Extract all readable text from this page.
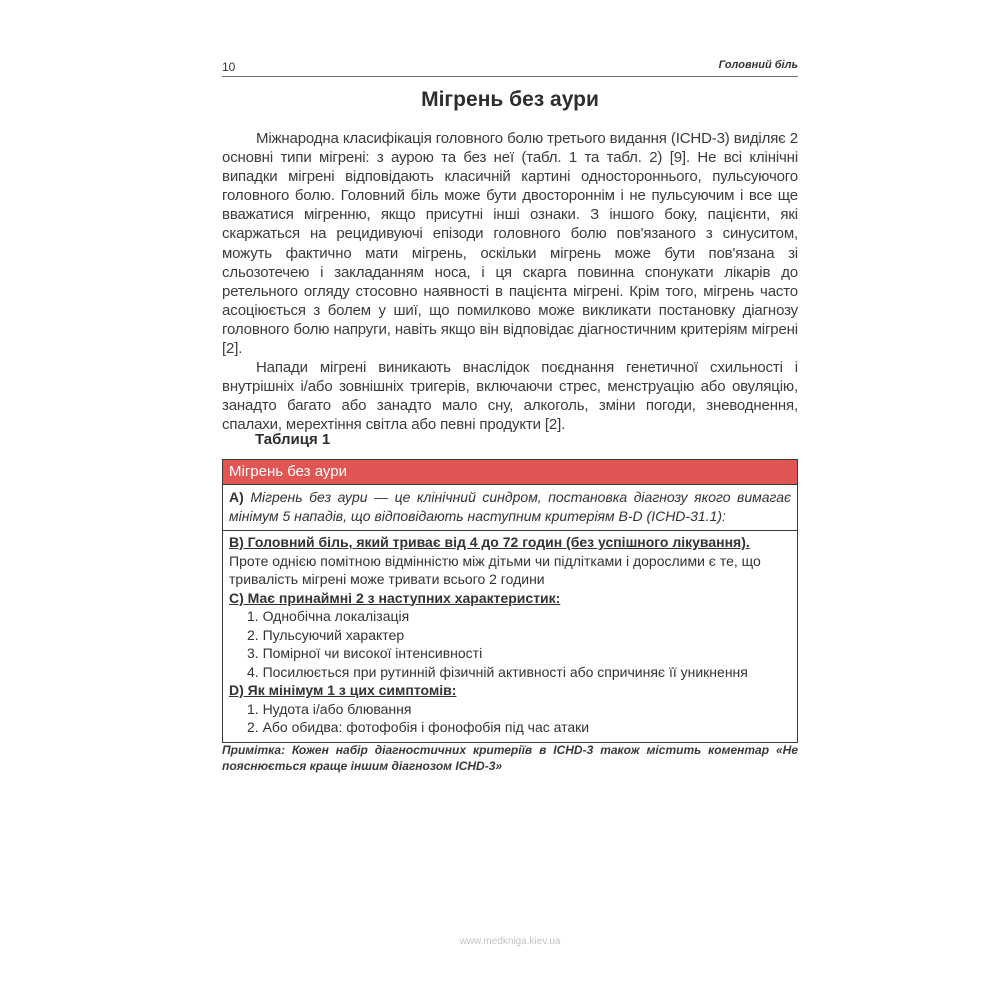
10	Головний біль
Мігрень без аури

Міжнародна класифікація головного болю третього видання (ICHD-3) виділяє 2 основні типи мігрені: з аурою та без неї (табл. 1 та табл. 2) [9]. Не всі клінічні випадки мігрені відповідають класичній картині одностороннього, пульсуючого головного болю. Головний біль може бути двостороннім і не пульсуючим і все ще вважатися мігренню, якщо присутні інші ознаки. З іншого боку, пацієнти, які скаржаться на рецидивуючі епізоди головного болю пов'язаного з синуситом, можуть фактично мати мігрень, оскільки мігрень може бути пов'язана зі сльозотечею і закладанням носа, і ця скарга повинна спонукати лікарів до ретельного огляду стосовно наявності в пацієнта мігрені. Крім того, мігрень часто асоціюється з болем у шиї, що помилково може викликати постановку діагнозу головного болю напруги, навіть якщо він відповідає діагностичним критеріям мігрені [2].

Напади мігрені виникають внаслідок поєднання генетичної схильності і внутрішніх і/або зовнішніх тригерів, включаючи стрес, менструацію або овуляцію, занадто багато або занадто мало сну, алкоголь, зміни погоди, зневоднення, спалахи, мерехтіння світла або певні продукти [2].

Таблиця 1
Мігрень без аури
А) Мігрень без аури — це клінічний синдром, постановка діагнозу якого вимагає мінімум 5 нападів, що відповідають наступним критеріям В-D (ICHD-31.1):
B) Головний біль, який триває від 4 до 72 годин (без успішного лікування).
Проте однією помітною відмінністю між дітьми чи підлітками і дорослими є те, що тривалість мігрені може тривати всього 2 години
C) Має принаймні 2 з наступних характеристик:
1. Однобічна локалізація
2. Пульсуючий характер
3. Помірної чи високої інтенсивності
4. Посилюється при рутинній фізичній активності або спричиняє її уникнення
D) Як мінімум 1 з цих симптомів:
1. Нудота і/або блювання
2. Або обидва: фотофобія і фонофобія під час атаки
Примітка: Кожен набір діагностичних критеріїв в ICHD-3 також містить коментар «Не пояснюється краще іншим діагнозом ICHD-3»
www.medkniga.kiev.ua
